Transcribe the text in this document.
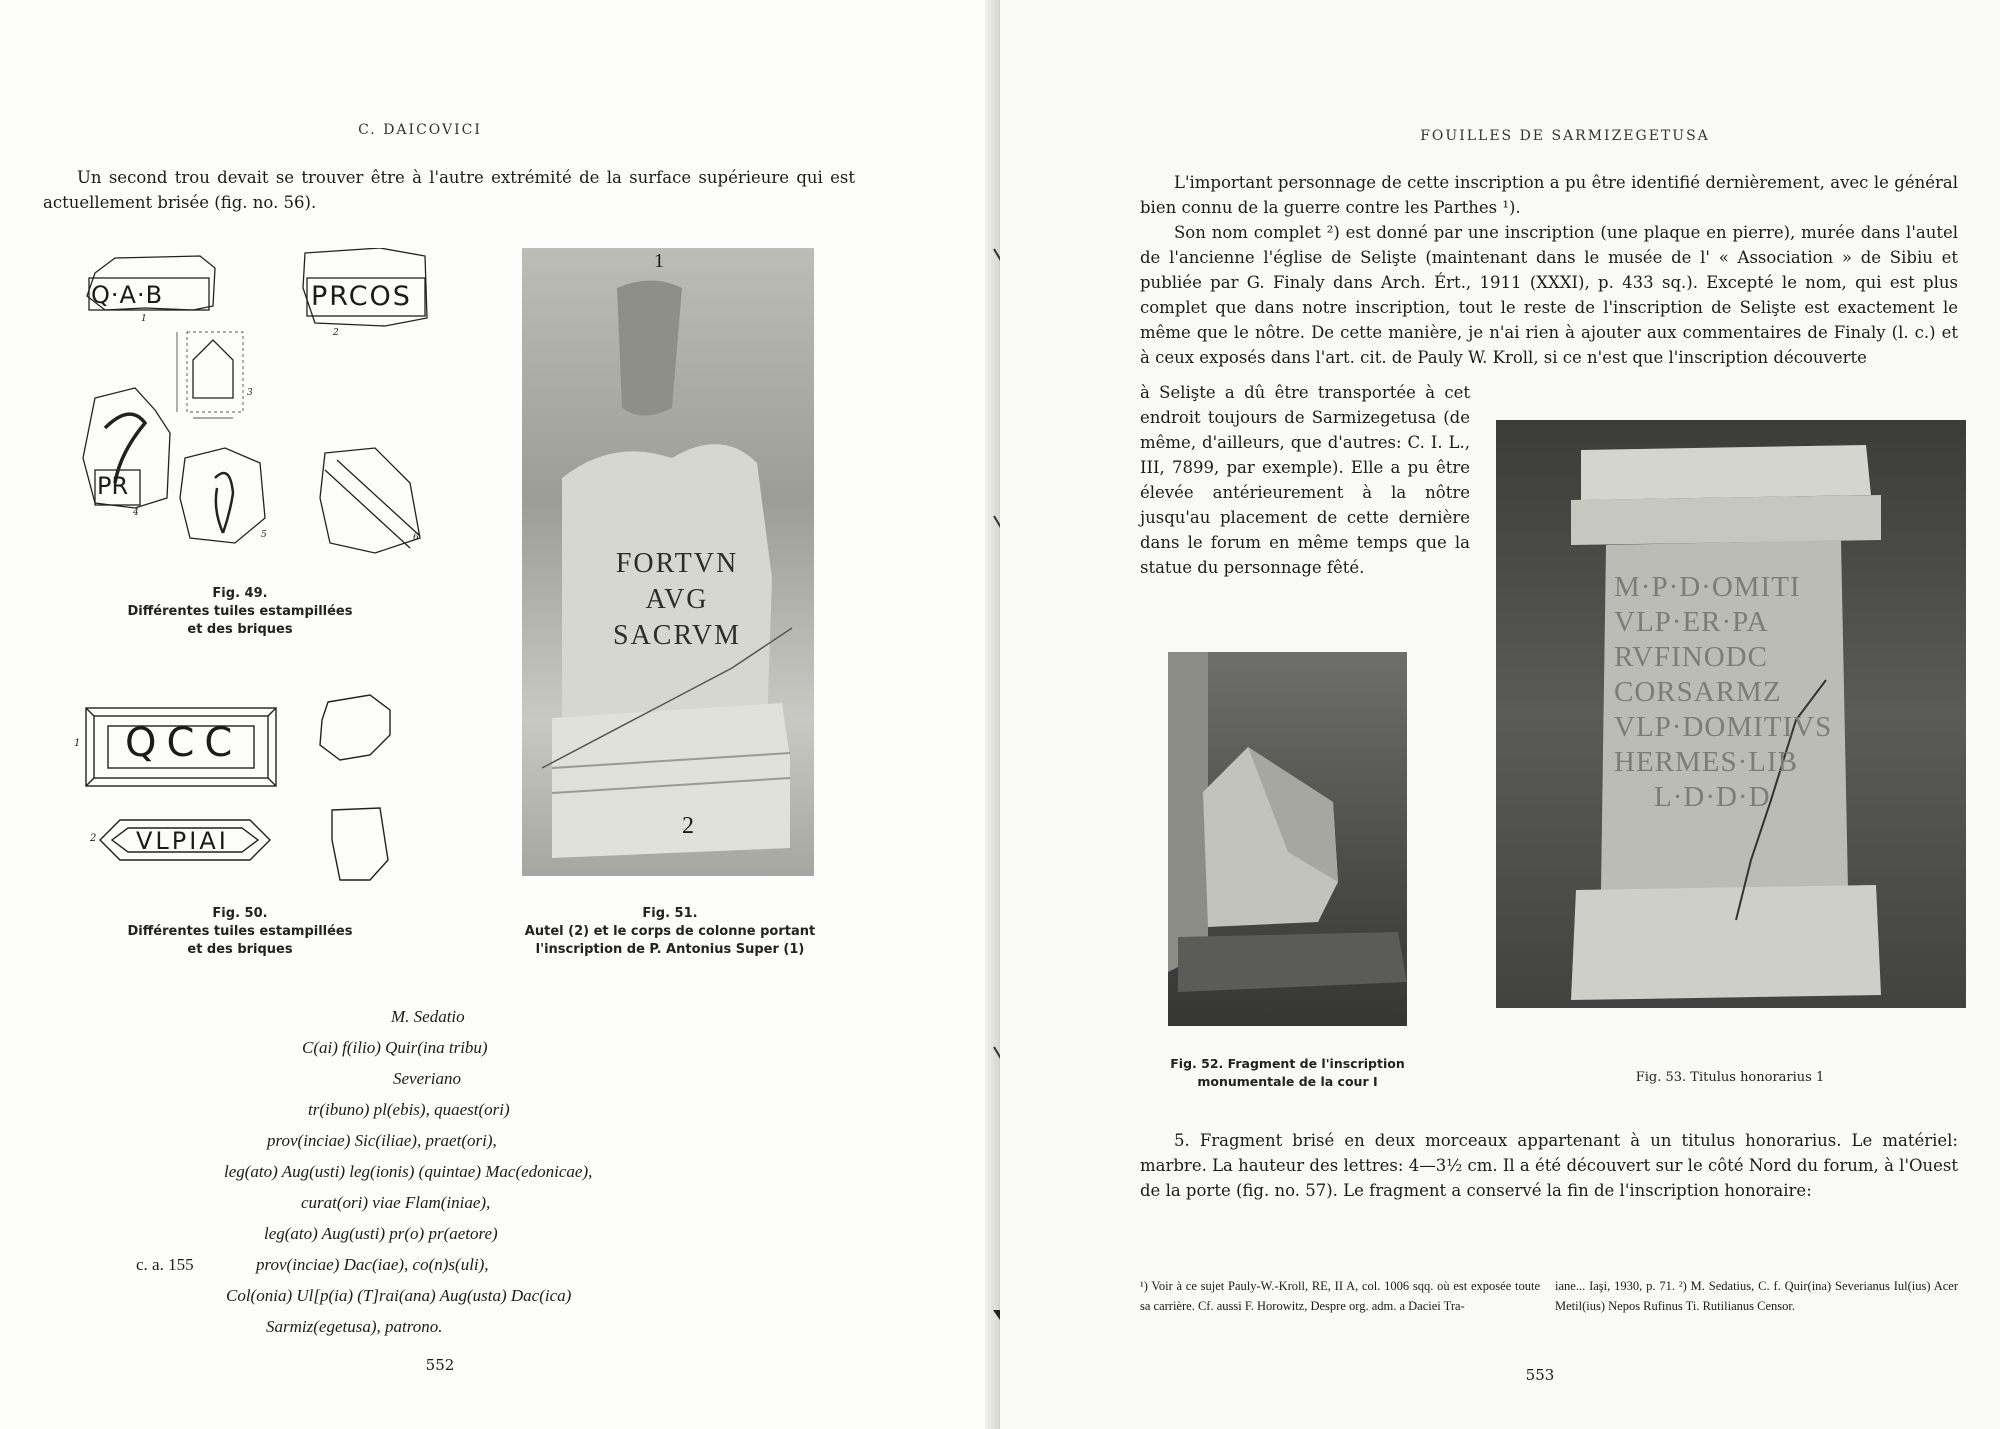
C. DAICOVICI

Un second trou devait se trouver être à l'autre extrémité de la surface supérieure qui est actuellement brisée (fig. no. 56).

Q·A·B	PRCOS
PR
1
2
3
4
5	6
Fig. 49.
Différentes tuiles estampillées
et des briques
QCC
VLPIAI
1
2
Fig. 50.
Différentes tuiles estampillées
et des briques
1
2
FORTVN
AVG
SACRVM
Fig. 51.
Autel (2) et le corps de colonne portant
l'inscription de P. Antonius Super (1)
M. Sedatio
C(ai) f(ilio) Quir(ina tribu)
Severiano
tr(ibuno) pl(ebis), quaest(ori)
prov(inciae) Sic(iliae), praet(ori),
leg(ato) Aug(usti) leg(ionis) (quintae) Mac(edonicae),
curat(ori) viae Flam(iniae),
leg(ato) Aug(usti) pr(o) pr(aetore)
prov(inciae) Dac(iae), co(n)s(uli),
Col(onia) Ul[p(ia) (T]rai(ana) Aug(usta) Dac(ica)
Sarmiz(egetusa), patrono.
c. a. 155
552
FOUILLES DE SARMIZEGETUSA

L'important personnage de cette inscription a pu être identifié dernièrement, avec le général bien connu de la guerre contre les Parthes ¹).

Son nom complet ²) est donné par une inscription (une plaque en pierre), murée dans l'autel de l'ancienne l'église de Selişte (maintenant dans le musée de l' « Association » de Sibiu et publiée par G. Finaly dans Arch. Ért., 1911 (XXXI), p. 433 sq.). Excepté le nom, qui est plus complet que dans notre inscription, tout le reste de l'inscription de Selişte est exactement le même que le nôtre. De cette manière, je n'ai rien à ajouter aux commentaires de Finaly (l. c.) et à ceux exposés dans l'art. cit. de Pauly W. Kroll, si ce n'est que l'inscription découverte

à Selişte a dû être transportée à cet endroit toujours de Sarmizegetusa (de même, d'ailleurs, que d'autres: C. I. L., III, 7899, par exemple). Elle a pu être élevée antérieurement à la nôtre jusqu'au placement de cette dernière dans le forum en même temps que la statue du personnage fêté.

Fig. 52. Fragment de l'inscription
monumentale de la cour I
M·P·D·OMITI
VLP·ER·PA
RVFINODC
CORSARMZ
VLP·DOMITIVS
HERMES·LIB
L·D·D·D
Fig. 53. Titulus honorarius 1

5. Fragment brisé en deux morceaux appartenant à un titulus honorarius. Le matériel: marbre. La hauteur des lettres: 4—3½ cm. Il a été découvert sur le côté Nord du forum, à l'Ouest de la porte (fig. no. 57). Le fragment a conservé la fin de l'inscription honoraire:

¹) Voir à ce sujet Pauly-W.-Kroll, RE, II A, col. 1006 sqq. où est exposée toute sa carrière. Cf. aussi F. Horowitz, Despre org. adm. a Daciei Tra-
iane... Iaşi, 1930, p. 71. ²) M. Sedatius, C. f. Quir(ina) Severianus Iul(ius) Acer Metil(ius) Nepos Rufinus Ti. Rutilianus Censor.
553
